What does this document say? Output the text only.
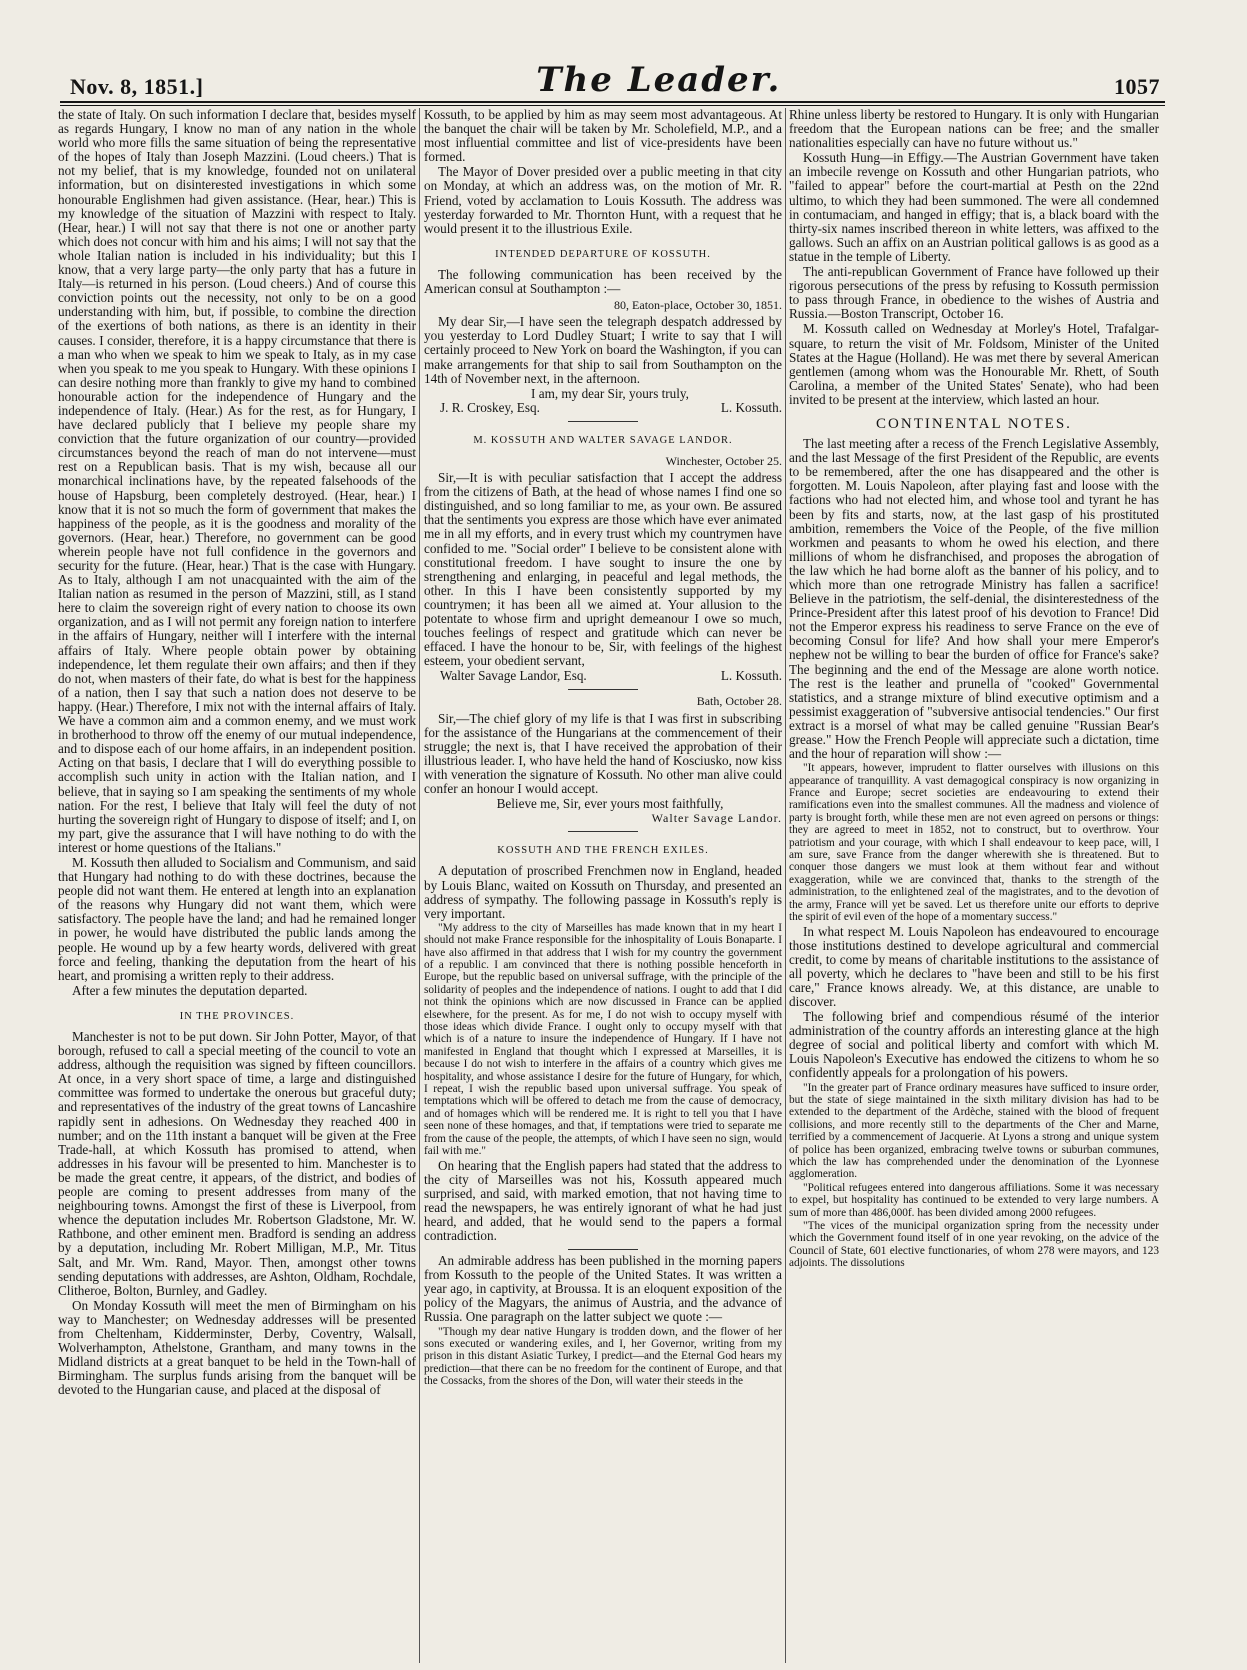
Nov. 8, 1851.]	The Leader.	1057

the state of Italy. On such information I declare that, besides myself as regards Hungary, I know no man of any nation in the whole world who more fills the same situation of being the representative of the hopes of Italy than Joseph Mazzini. (Loud cheers.) That is not my belief, that is my knowledge, founded not on unilateral information, but on disinterested investigations in which some honourable Englishmen had given assistance. (Hear, hear.) This is my knowledge of the situation of Mazzini with respect to Italy. (Hear, hear.) I will not say that there is not one or another party which does not concur with him and his aims; I will not say that the whole Italian nation is included in his individuality; but this I know, that a very large party—the only party that has a future in Italy—is returned in his person. (Loud cheers.) And of course this conviction points out the necessity, not only to be on a good understanding with him, but, if possible, to combine the direction of the exertions of both nations, as there is an identity in their causes. I consider, therefore, it is a happy circumstance that there is a man who when we speak to him we speak to Italy, as in my case when you speak to me you speak to Hungary. With these opinions I can desire nothing more than frankly to give my hand to combined honourable action for the independence of Hungary and the independence of Italy. (Hear.) As for the rest, as for Hungary, I have declared publicly that I believe my people share my conviction that the future organization of our country—provided circumstances beyond the reach of man do not intervene—must rest on a Republican basis. That is my wish, because all our monarchical inclinations have, by the repeated falsehoods of the house of Hapsburg, been completely destroyed. (Hear, hear.) I know that it is not so much the form of government that makes the happiness of the people, as it is the goodness and morality of the governors. (Hear, hear.) Therefore, no government can be good wherein people have not full confidence in the governors and security for the future. (Hear, hear.) That is the case with Hungary. As to Italy, although I am not unacquainted with the aim of the Italian nation as resumed in the person of Mazzini, still, as I stand here to claim the sovereign right of every nation to choose its own organization, and as I will not permit any foreign nation to interfere in the affairs of Hungary, neither will I interfere with the internal affairs of Italy. Where people obtain power by obtaining independence, let them regulate their own affairs; and then if they do not, when masters of their fate, do what is best for the happiness of a nation, then I say that such a nation does not deserve to be happy. (Hear.) Therefore, I mix not with the internal affairs of Italy. We have a common aim and a common enemy, and we must work in brotherhood to throw off the enemy of our mutual independence, and to dispose each of our home affairs, in an independent position. Acting on that basis, I declare that I will do everything possible to accomplish such unity in action with the Italian nation, and I believe, that in saying so I am speaking the sentiments of my whole nation. For the rest, I believe that Italy will feel the duty of not hurting the sovereign right of Hungary to dispose of itself; and I, on my part, give the assurance that I will have nothing to do with the interest or home questions of the Italians."

M. Kossuth then alluded to Socialism and Communism, and said that Hungary had nothing to do with these doctrines, because the people did not want them. He entered at length into an explanation of the reasons why Hungary did not want them, which were satisfactory. The people have the land; and had he remained longer in power, he would have distributed the public lands among the people. He wound up by a few hearty words, delivered with great force and feeling, thanking the deputation from the heart of his heart, and promising a written reply to their address.

After a few minutes the deputation departed.

IN THE PROVINCES.

Manchester is not to be put down. Sir John Potter, Mayor, of that borough, refused to call a special meeting of the council to vote an address, although the requisition was signed by fifteen councillors. At once, in a very short space of time, a large and distinguished committee was formed to undertake the onerous but graceful duty; and representatives of the industry of the great towns of Lancashire rapidly sent in adhesions. On Wednesday they reached 400 in number; and on the 11th instant a banquet will be given at the Free Trade-hall, at which Kossuth has promised to attend, when addresses in his favour will be presented to him. Manchester is to be made the great centre, it appears, of the district, and bodies of people are coming to present addresses from many of the neighbouring towns. Amongst the first of these is Liverpool, from whence the deputation includes Mr. Robertson Gladstone, Mr. W. Rathbone, and other eminent men. Bradford is sending an address by a deputation, including Mr. Robert Milligan, M.P., Mr. Titus Salt, and Mr. Wm. Rand, Mayor. Then, amongst other towns sending deputations with addresses, are Ashton, Oldham, Rochdale, Clitheroe, Bolton, Burnley, and Gadley.

On Monday Kossuth will meet the men of Birmingham on his way to Manchester; on Wednesday addresses will be presented from Cheltenham, Kidderminster, Derby, Coventry, Walsall, Wolverhampton, Athelstone, Grantham, and many towns in the Midland districts at a great banquet to be held in the Town-hall of Birmingham. The surplus funds arising from the banquet will be devoted to the Hungarian cause, and placed at the disposal of

Kossuth, to be applied by him as may seem most advantageous. At the banquet the chair will be taken by Mr. Scholefield, M.P., and a most influential committee and list of vice-presidents have been formed.

The Mayor of Dover presided over a public meeting in that city on Monday, at which an address was, on the motion of Mr. R. Friend, voted by acclamation to Louis Kossuth. The address was yesterday forwarded to Mr. Thornton Hunt, with a request that he would present it to the illustrious Exile.

INTENDED DEPARTURE OF KOSSUTH.

The following communication has been received by the American consul at Southampton :—

80, Eaton-place, October 30, 1851.

My dear Sir,—I have seen the telegraph despatch addressed by you yesterday to Lord Dudley Stuart; I write to say that I will certainly proceed to New York on board the Washington, if you can make arrangements for that ship to sail from Southampton on the 14th of November next, in the afternoon.

I am, my dear Sir, yours truly,

J. R. Croskey, Esq.	L. Kossuth.
M. KOSSUTH AND WALTER SAVAGE LANDOR.
Winchester, October 25.

Sir,—It is with peculiar satisfaction that I accept the address from the citizens of Bath, at the head of whose names I find one so distinguished, and so long familiar to me, as your own. Be assured that the sentiments you express are those which have ever animated me in all my efforts, and in every trust which my countrymen have confided to me. "Social order" I believe to be consistent alone with constitutional freedom. I have sought to insure the one by strengthening and enlarging, in peaceful and legal methods, the other. In this I have been consistently supported by my countrymen; it has been all we aimed at. Your allusion to the potentate to whose firm and upright demeanour I owe so much, touches feelings of respect and gratitude which can never be effaced. I have the honour to be, Sir, with feelings of the highest esteem, your obedient servant,

Walter Savage Landor, Esq.	L. Kossuth.
Bath, October 28.

Sir,—The chief glory of my life is that I was first in subscribing for the assistance of the Hungarians at the commencement of their struggle; the next is, that I have received the approbation of their illustrious leader. I, who have held the hand of Kosciusko, now kiss with veneration the signature of Kossuth. No other man alive could confer an honour I would accept.

Believe me, Sir, ever yours most faithfully,

Walter Savage Landor.
KOSSUTH AND THE FRENCH EXILES.

A deputation of proscribed Frenchmen now in England, headed by Louis Blanc, waited on Kossuth on Thursday, and presented an address of sympathy. The following passage in Kossuth's reply is very important.

"My address to the city of Marseilles has made known that in my heart I should not make France responsible for the inhospitality of Louis Bonaparte. I have also affirmed in that address that I wish for my country the government of a republic. I am convinced that there is nothing possible henceforth in Europe, but the republic based on universal suffrage, with the principle of the solidarity of peoples and the independence of nations. I ought to add that I did not think the opinions which are now discussed in France can be applied elsewhere, for the present. As for me, I do not wish to occupy myself with those ideas which divide France. I ought only to occupy myself with that which is of a nature to insure the independence of Hungary. If I have not manifested in England that thought which I expressed at Marseilles, it is because I do not wish to interfere in the affairs of a country which gives me hospitality, and whose assistance I desire for the future of Hungary, for which, I repeat, I wish the republic based upon universal suffrage. You speak of temptations which will be offered to detach me from the cause of democracy, and of homages which will be rendered me. It is right to tell you that I have seen none of these homages, and that, if temptations were tried to separate me from the cause of the people, the attempts, of which I have seen no sign, would fail with me."

On hearing that the English papers had stated that the address to the city of Marseilles was not his, Kossuth appeared much surprised, and said, with marked emotion, that not having time to read the newspapers, he was entirely ignorant of what he had just heard, and added, that he would send to the papers a formal contradiction.

An admirable address has been published in the morning papers from Kossuth to the people of the United States. It was written a year ago, in captivity, at Broussa. It is an eloquent exposition of the policy of the Magyars, the animus of Austria, and the advance of Russia. One paragraph on the latter subject we quote :—

"Though my dear native Hungary is trodden down, and the flower of her sons executed or wandering exiles, and I, her Governor, writing from my prison in this distant Asiatic Turkey, I predict—and the Eternal God hears my prediction—that there can be no freedom for the continent of Europe, and that the Cossacks, from the shores of the Don, will water their steeds in the

Rhine unless liberty be restored to Hungary. It is only with Hungarian freedom that the European nations can be free; and the smaller nationalities especially can have no future without us."

Kossuth Hung—in Effigy.—The Austrian Government have taken an imbecile revenge on Kossuth and other Hungarian patriots, who "failed to appear" before the court-martial at Pesth on the 22nd ultimo, to which they had been summoned. The were all condemned in contumaciam, and hanged in effigy; that is, a black board with the thirty-six names inscribed thereon in white letters, was affixed to the gallows. Such an affix on an Austrian political gallows is as good as a statue in the temple of Liberty.

The anti-republican Government of France have followed up their rigorous persecutions of the press by refusing to Kossuth permission to pass through France, in obedience to the wishes of Austria and Russia.—Boston Transcript, October 16.

M. Kossuth called on Wednesday at Morley's Hotel, Trafalgar-square, to return the visit of Mr. Foldsom, Minister of the United States at the Hague (Holland). He was met there by several American gentlemen (among whom was the Honourable Mr. Rhett, of South Carolina, a member of the United States' Senate), who had been invited to be present at the interview, which lasted an hour.

CONTINENTAL NOTES.

The last meeting after a recess of the French Legislative Assembly, and the last Message of the first President of the Republic, are events to be remembered, after the one has disappeared and the other is forgotten. M. Louis Napoleon, after playing fast and loose with the factions who had not elected him, and whose tool and tyrant he has been by fits and starts, now, at the last gasp of his prostituted ambition, remembers the Voice of the People, of the five million workmen and peasants to whom he owed his election, and there millions of whom he disfranchised, and proposes the abrogation of the law which he had borne aloft as the banner of his policy, and to which more than one retrograde Ministry has fallen a sacrifice! Believe in the patriotism, the self-denial, the disinterestedness of the Prince-President after this latest proof of his devotion to France! Did not the Emperor express his readiness to serve France on the eve of becoming Consul for life? And how shall your mere Emperor's nephew not be willing to bear the burden of office for France's sake? The beginning and the end of the Message are alone worth notice. The rest is the leather and prunella of "cooked" Governmental statistics, and a strange mixture of blind executive optimism and a pessimist exaggeration of "subversive antisocial tendencies." Our first extract is a morsel of what may be called genuine "Russian Bear's grease." How the French People will appreciate such a dictation, time and the hour of reparation will show :—

"It appears, however, imprudent to flatter ourselves with illusions on this appearance of tranquillity. A vast demagogical conspiracy is now organizing in France and Europe; secret societies are endeavouring to extend their ramifications even into the smallest communes. All the madness and violence of party is brought forth, while these men are not even agreed on persons or things: they are agreed to meet in 1852, not to construct, but to overthrow. Your patriotism and your courage, with which I shall endeavour to keep pace, will, I am sure, save France from the danger wherewith she is threatened. But to conquer those dangers we must look at them without fear and without exaggeration, while we are convinced that, thanks to the strength of the administration, to the enlightened zeal of the magistrates, and to the devotion of the army, France will yet be saved. Let us therefore unite our efforts to deprive the spirit of evil even of the hope of a momentary success."

In what respect M. Louis Napoleon has endeavoured to encourage those institutions destined to develope agricultural and commercial credit, to come by means of charitable institutions to the assistance of all poverty, which he declares to "have been and still to be his first care," France knows already. We, at this distance, are unable to discover.

The following brief and compendious résumé of the interior administration of the country affords an interesting glance at the high degree of social and political liberty and comfort with which M. Louis Napoleon's Executive has endowed the citizens to whom he so confidently appeals for a prolongation of his powers.

"In the greater part of France ordinary measures have sufficed to insure order, but the state of siege maintained in the sixth military division has had to be extended to the department of the Ardèche, stained with the blood of frequent collisions, and more recently still to the departments of the Cher and Marne, terrified by a commencement of Jacquerie. At Lyons a strong and unique system of police has been organized, embracing twelve towns or suburban communes, which the law has comprehended under the denomination of the Lyonnese agglomeration.

"Political refugees entered into dangerous affiliations. Some it was necessary to expel, but hospitality has continued to be extended to very large numbers. A sum of more than 486,000f. has been divided among 2000 refugees.

"The vices of the municipal organization spring from the necessity under which the Government found itself of in one year revoking, on the advice of the Council of State, 601 elective functionaries, of whom 278 were mayors, and 123 adjoints. The dissolutions
